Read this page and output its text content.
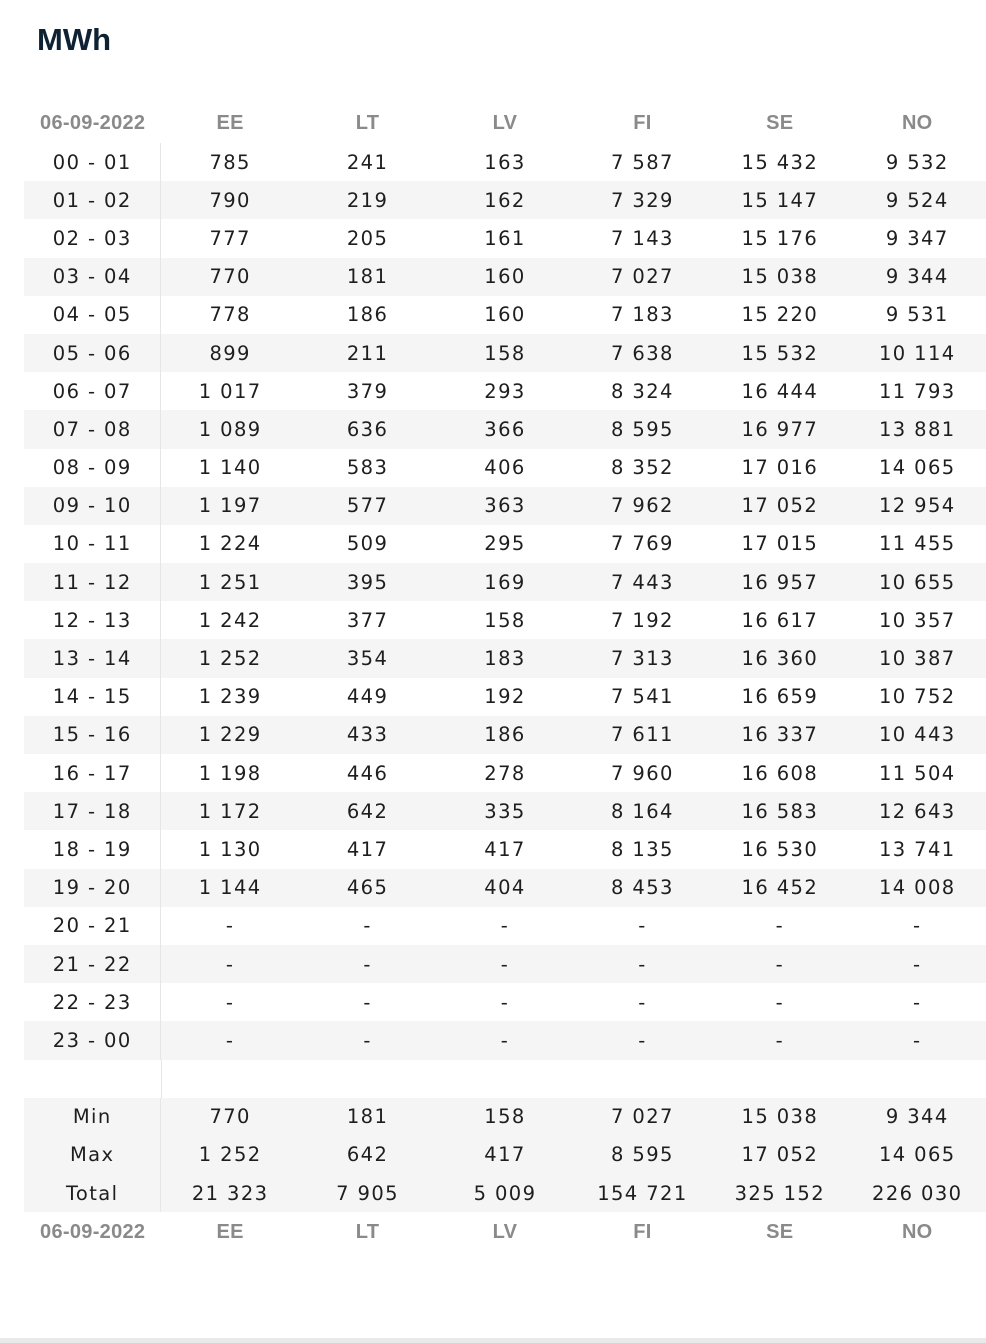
MWh
06-09-2022	EE	LT	LV	FI	SE	NO
00 - 01	785	241	163	7 587	15 432	9 532
01 - 02	790	219	162	7 329	15 147	9 524
02 - 03	777	205	161	7 143	15 176	9 347
03 - 04	770	181	160	7 027	15 038	9 344
04 - 05	778	186	160	7 183	15 220	9 531
05 - 06	899	211	158	7 638	15 532	10 114
06 - 07	1 017	379	293	8 324	16 444	11 793
07 - 08	1 089	636	366	8 595	16 977	13 881
08 - 09	1 140	583	406	8 352	17 016	14 065
09 - 10	1 197	577	363	7 962	17 052	12 954
10 - 11	1 224	509	295	7 769	17 015	11 455
11 - 12	1 251	395	169	7 443	16 957	10 655
12 - 13	1 242	377	158	7 192	16 617	10 357
13 - 14	1 252	354	183	7 313	16 360	10 387
14 - 15	1 239	449	192	7 541	16 659	10 752
15 - 16	1 229	433	186	7 611	16 337	10 443
16 - 17	1 198	446	278	7 960	16 608	11 504
17 - 18	1 172	642	335	8 164	16 583	12 643
18 - 19	1 130	417	417	8 135	16 530	13 741
19 - 20	1 144	465	404	8 453	16 452	14 008
20 - 21	-	-	-	-	-	-
21 - 22	-	-	-	-	-	-
22 - 23	-	-	-	-	-	-
23 - 00	-	-	-	-	-	-
Min	770	181	158	7 027	15 038	9 344
Max	1 252	642	417	8 595	17 052	14 065
Total	21 323	7 905	5 009	154 721	325 152	226 030
06-09-2022	EE	LT	LV	FI	SE	NO
